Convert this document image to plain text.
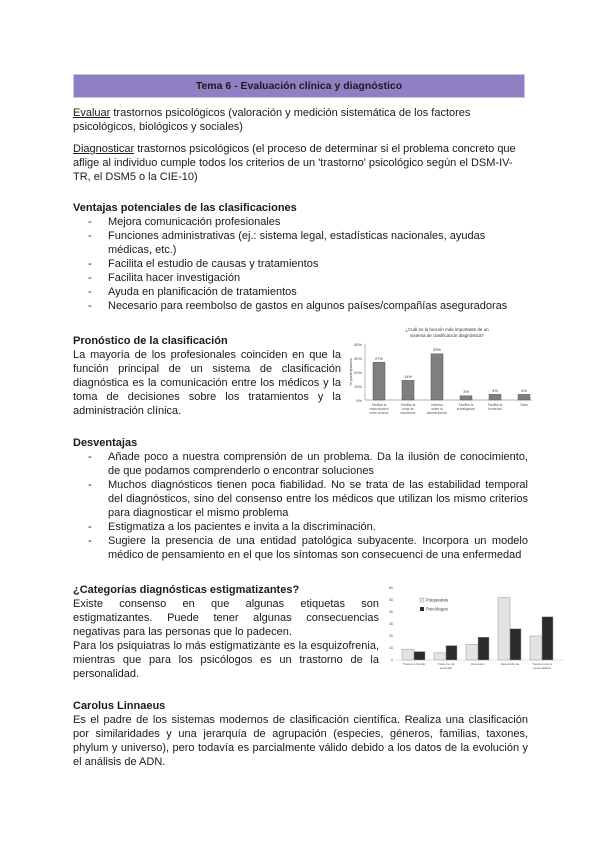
Tema 6 - Evaluación clínica y diagnóstico

Evaluar trastornos psicológicos (valoración y medición sistemática de los factores psicológicos, biológicos y sociales)

Diagnosticar trastornos psicológicos (el proceso de determinar si el problema concreto que aflige al individuo cumple todos los criterios de un 'trastorno' psicológico según el DSM-IV-TR, el DSM5 o la CIE-10)

Ventajas potenciales de las clasificaciones

- Mejora comunicación profesionales
- Funciones administrativas (ej.: sistema legal, estadísticas nacionales, ayudas médicas, etc.)
- Facilita el estudio de causas y tratamientos
- Facilita hacer investigación
- Ayuda en planificación de tratamientos
- Necesario para reembolso de gastos en algunos países/compañías aseguradoras

Pronóstico de la clasificación

La mayoría de los profesionales coinciden en que la función principal de un sistema de clasificación diagnóstica es la comunicación entre los médicos y la toma de decisiones sobre los tratamientos y la administración clínica.

¿Cuál es la función más importante de un
sistema de clasificación diagnóstica?
40%
30%
20%
10%
0%
% participantes	27%
14%
33%
3%	4%	4%
Facilitar la
comunicación
entre clínicos
Facilitar la
toma de
decisiones
Informar
sobre la
administración
Facilitar la
investigación
Facilitar la
formación
Otras

Desventajas

- Añade poco a nuestra comprensión de un problema. Da la ilusión de conocimiento, de que podamos comprenderlo o encontrar soluciones
- Muchos diagnósticos tienen poca fiabilidad. No se trata de las estabilidad temporal del diagnósticos, sino del consenso entre los médicos que utilizan los mismo criterios para diagnosticar el mismo problema
- Estigmatiza a los pacientes e invita a la discriminación.
- Sugiere la presencia de una entidad patológica subyacente. Incorpora un modelo médico de pensamiento en el que los síntomas son consecuenci de una enfermedad

¿Categorías diagnósticas estigmatizantes?

Existe consenso en que algunas etiquetas son estigmatizantes. Puede tener algunas consecuencias negativas para las personas que lo padecen.

Para los psiquiatras lo más estigmatizante es la esquizofrenia, mientras que para los psicólogos es un trastorno de la personalidad.

60
50
40
30
20
10
0
Psiquiatras
Psicólogos
Trastorno bipolar	Trastorno de
ansiedad
Depresión	Esquizofrenia	Trastorno de la
personalidad

Carolus Linnaeus

Es el padre de los sistemas modernos de clasificación científica. Realiza una clasificación por similaridades y una jerarquía de agrupación (especies, géneros, familias, taxones, phylum y universo), pero todavía es parcialmente válido debido a los datos de la evolución y el análisis de ADN.
